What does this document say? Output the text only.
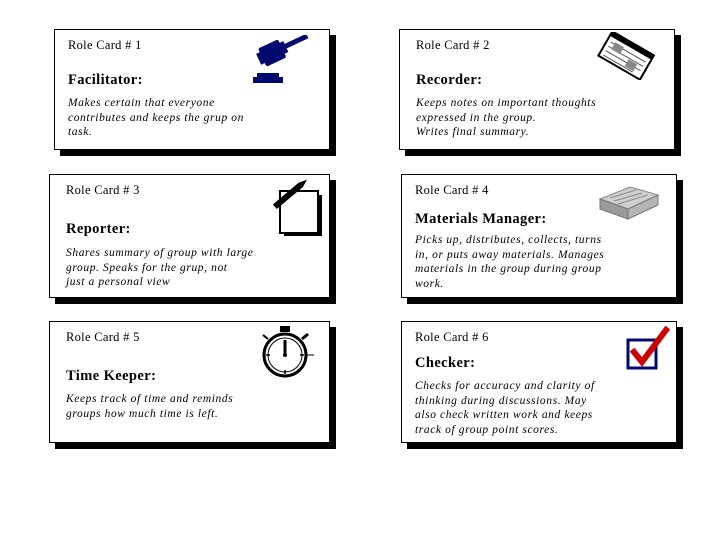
Role Card # 1
Facilitator:
Makes certain that everyone
contributes and keeps the grup on
task.
Role Card # 2
Recorder:
Keeps notes on important thoughts
expressed in the group.
Writes final summary.
Role Card # 3
Reporter:
Shares summary of group with large
group. Speaks for the grup, not
just a personal view
Role Card # 4
Materials Manager:
Picks up, distributes, collects, turns
in, or puts away materials. Manages
materials in the group during group
work.
Role Card # 5
Time Keeper:
Keeps track of time and reminds
groups how much time is left.
Role Card # 6
Checker:
Checks for accuracy and clarity of
thinking during discussions. May
also check written work and keeps
track of group point scores.
